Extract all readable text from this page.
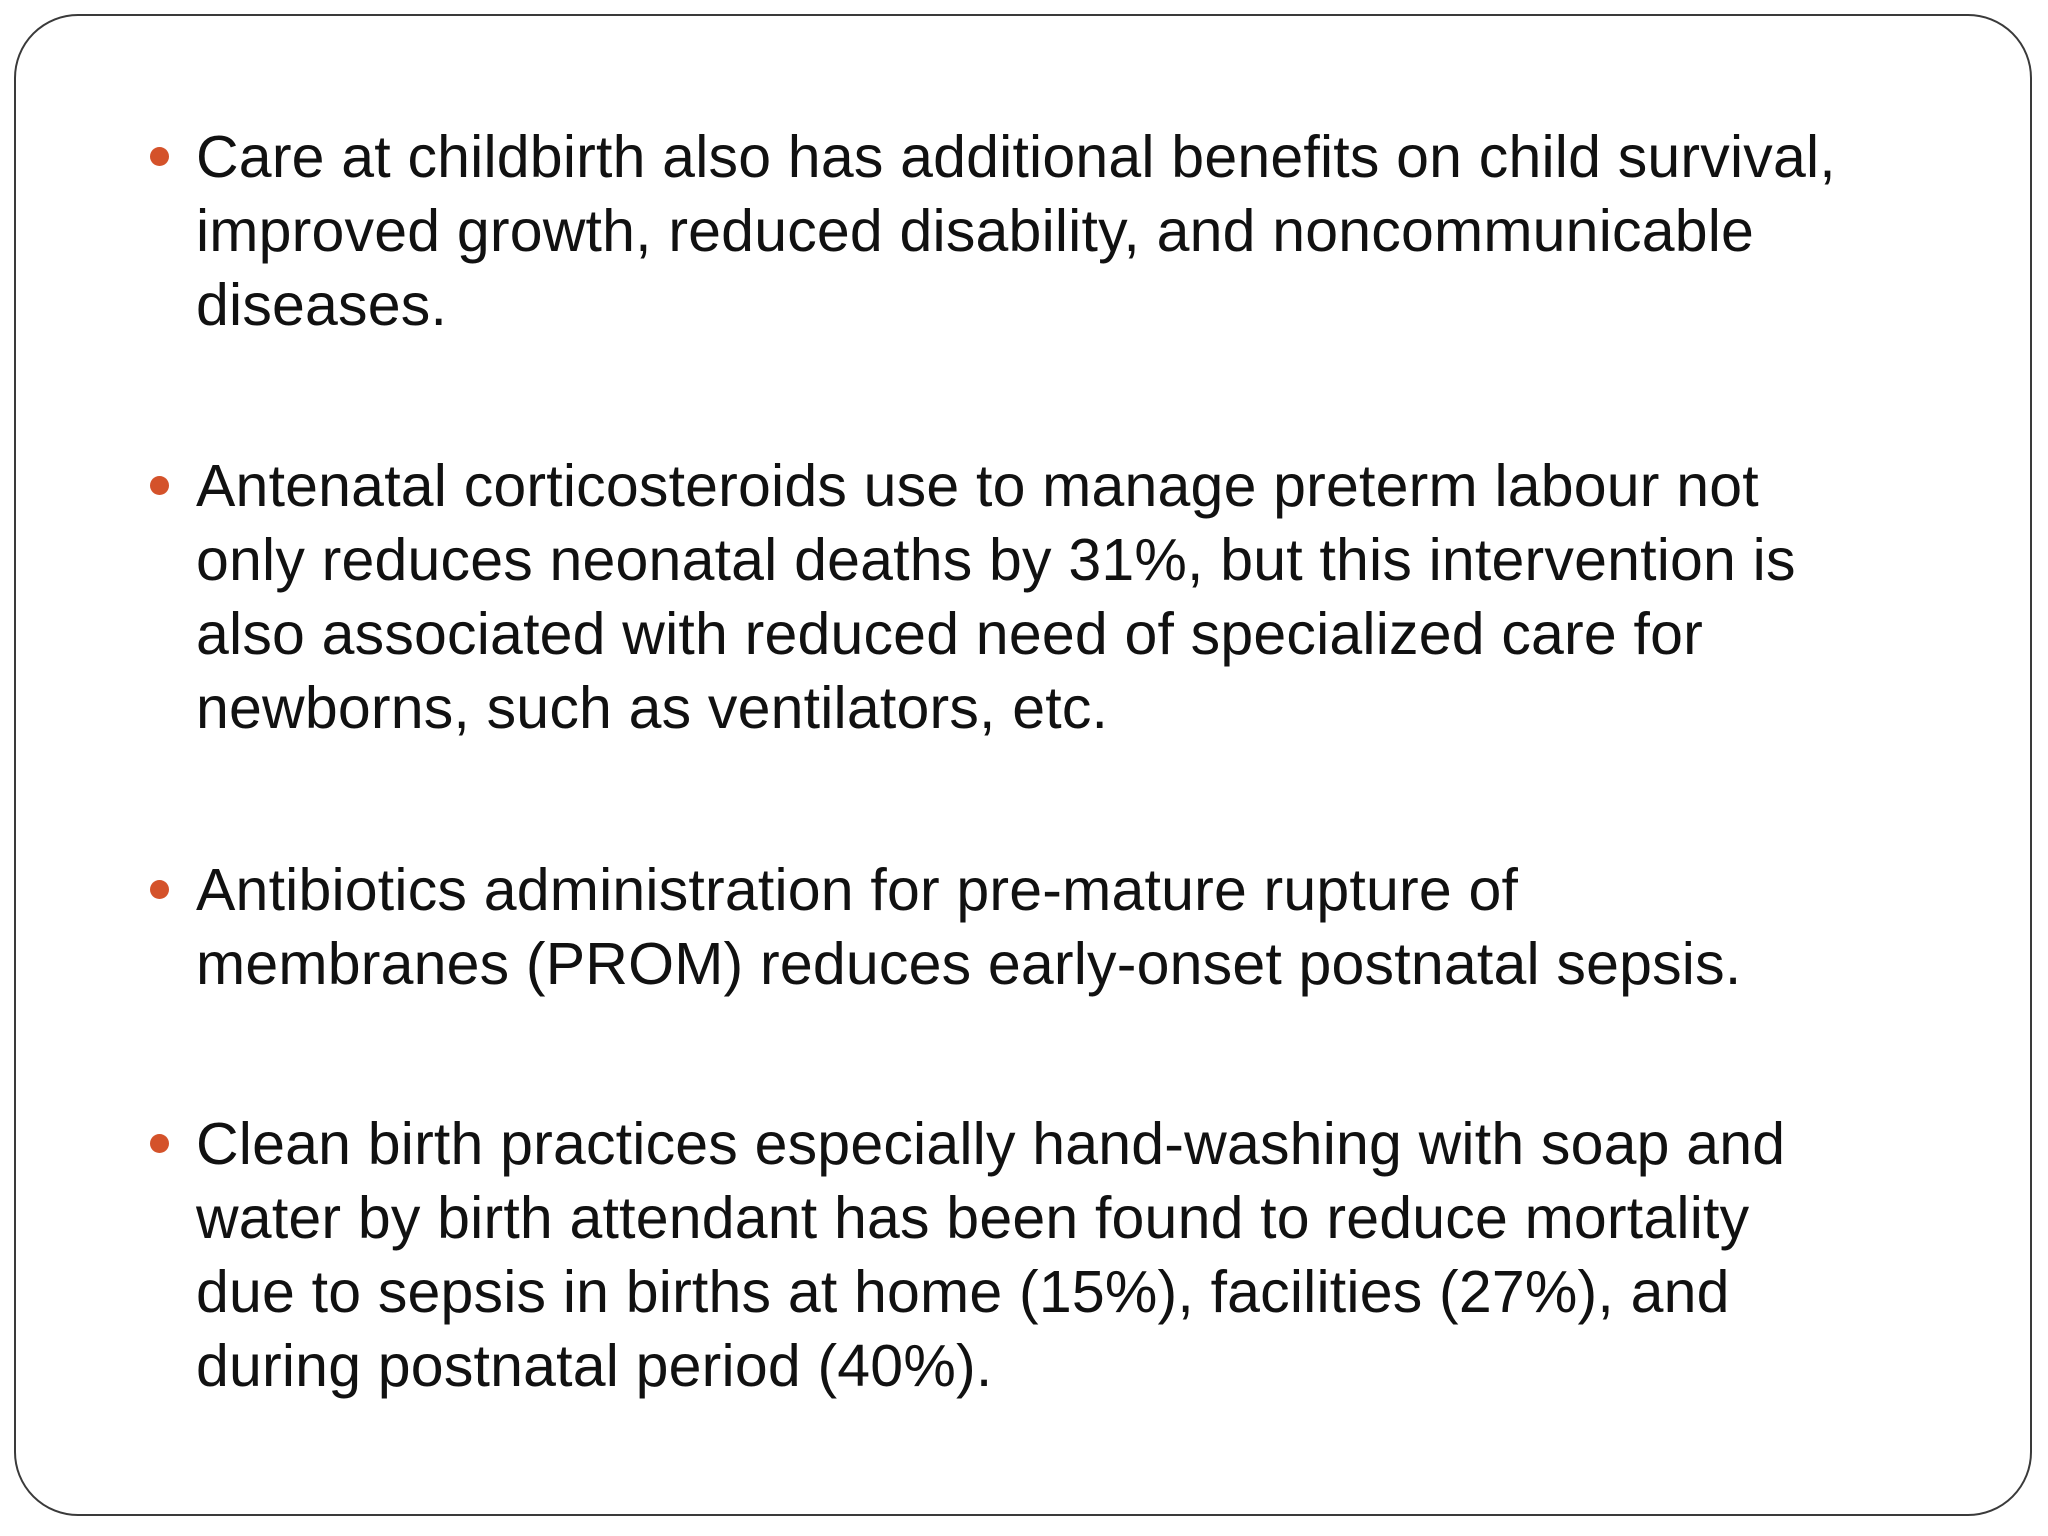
Care at childbirth also has additional benefits on child survival,
improved growth, reduced disability, and noncommunicable
diseases.
Antenatal corticosteroids use to manage preterm labour not
only reduces neonatal deaths by 31%, but this intervention is
also associated with reduced need of specialized care for
newborns, such as ventilators, etc.
Antibiotics administration for pre-mature rupture of
membranes (PROM) reduces early-onset postnatal sepsis.
Clean birth practices especially hand-washing with soap and
water by birth attendant has been found to reduce mortality
due to sepsis in births at home (15%), facilities (27%), and
during postnatal period (40%).
